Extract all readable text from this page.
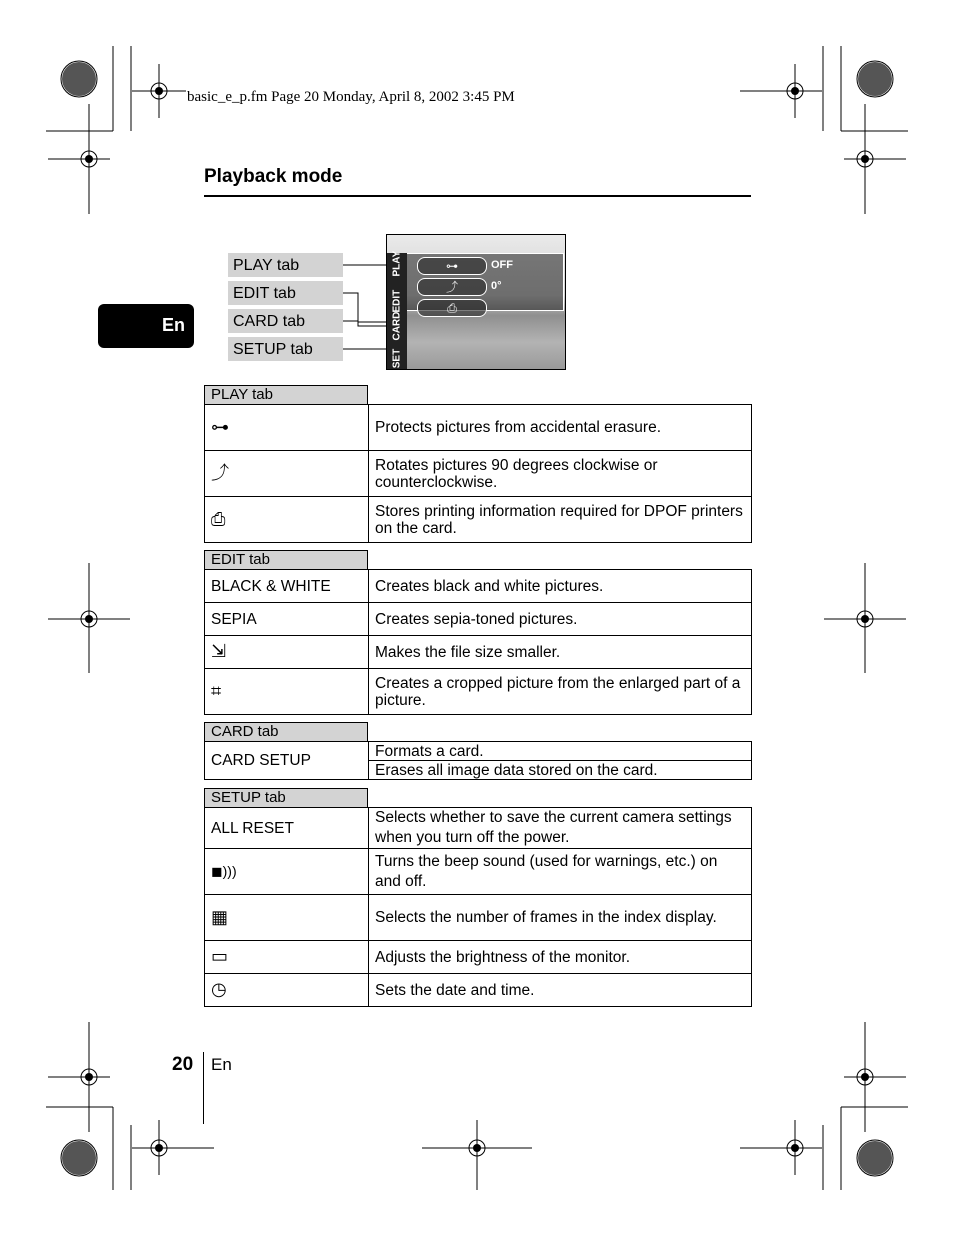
basic_e_p.fm Page 20 Monday, April 8, 2002 3:45 PM
Playback mode
En
PLAY tab
EDIT tab
CARD tab
SETUP tab
PLAY
EDIT
CARD
SET
⊶
⤴
⎙
OFF
0°
PLAY tab
⊶	Protects pictures from accidental erasure.
⤴	Rotates pictures 90 degrees clockwise or counterclockwise.
⎙	Stores printing information required for DPOF printers on the card.
EDIT tab
BLACK & WHITE	Creates black and white pictures.
SEPIA	Creates sepia-toned pictures.
⇲	Makes the file size smaller.
⌗	Creates a cropped picture from the enlarged part of a picture.
CARD tab
CARD SETUP	Formats a card.
Erases all image data stored on the card.
SETUP tab
ALL RESET	Selects whether to save the current camera settings when you turn off the power.
◼)))	Turns the beep sound (used for warnings, etc.) on and off.
▦	Selects the number of frames in the index display.
▭	Adjusts the brightness of the monitor.
◷	Sets the date and time.
20 En
